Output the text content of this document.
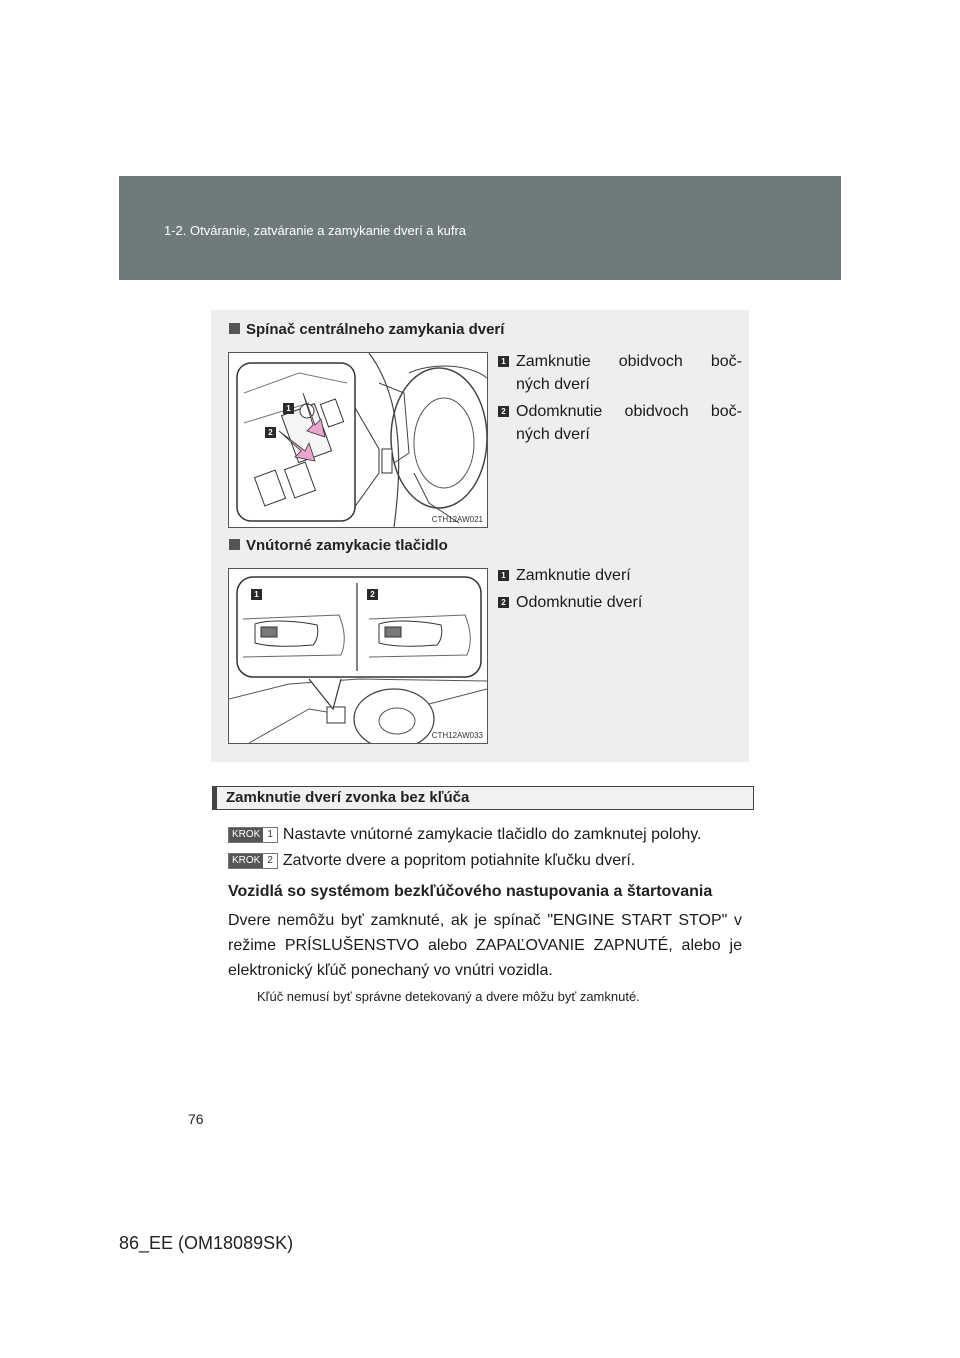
1-2. Otváranie, zatváranie a zamykanie dverí a kufra
Spínač centrálneho zamykania dverí
1
2
CTH12AW021
1 Zamknutie obidvoch boč-
ných dverí
2 Odomknutie obidvoch boč-
ných dverí
Vnútorné zamykacie tlačidlo
1	2
CTH12AW033
1 Zamknutie dverí
2 Odomknutie dverí
Zamknutie dverí zvonka bez kľúča
KROK 1 Nastavte vnútorné zamykacie tlačidlo do zamknutej polohy.
KROK 2 Zatvorte dvere a popritom potiahnite kľučku dverí.
Vozidlá so systémom bezkľúčového nastupovania a štartovania
Dvere nemôžu byť zamknuté, ak je spínač "ENGINE START STOP" v režime PRÍSLUŠENSTVO alebo ZAPAĽOVANIE ZAPNUTÉ, alebo je elektronický kľúč ponechaný vo vnútri vozidla.
Kľúč nemusí byť správne detekovaný a dvere môžu byť zamknuté.
76
86_EE (OM18089SK)
